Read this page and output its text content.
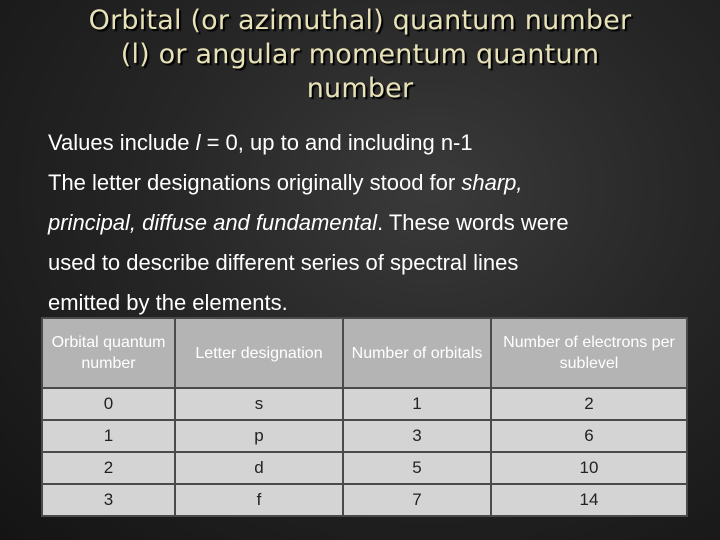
Orbital (or azimuthal) quantum number
(l) or angular momentum quantum
number
Values include l = 0, up to and including n-1
The letter designations originally stood for sharp,
principal, diffuse and fundamental. These words were
used to describe different series of spectral lines
emitted by the elements.
Orbital quantum number	Letter designation	Number of orbitals	Number of electrons per sublevel
0	s	1	2
1	p	3	6
2	d	5	10
3	f	7	14
